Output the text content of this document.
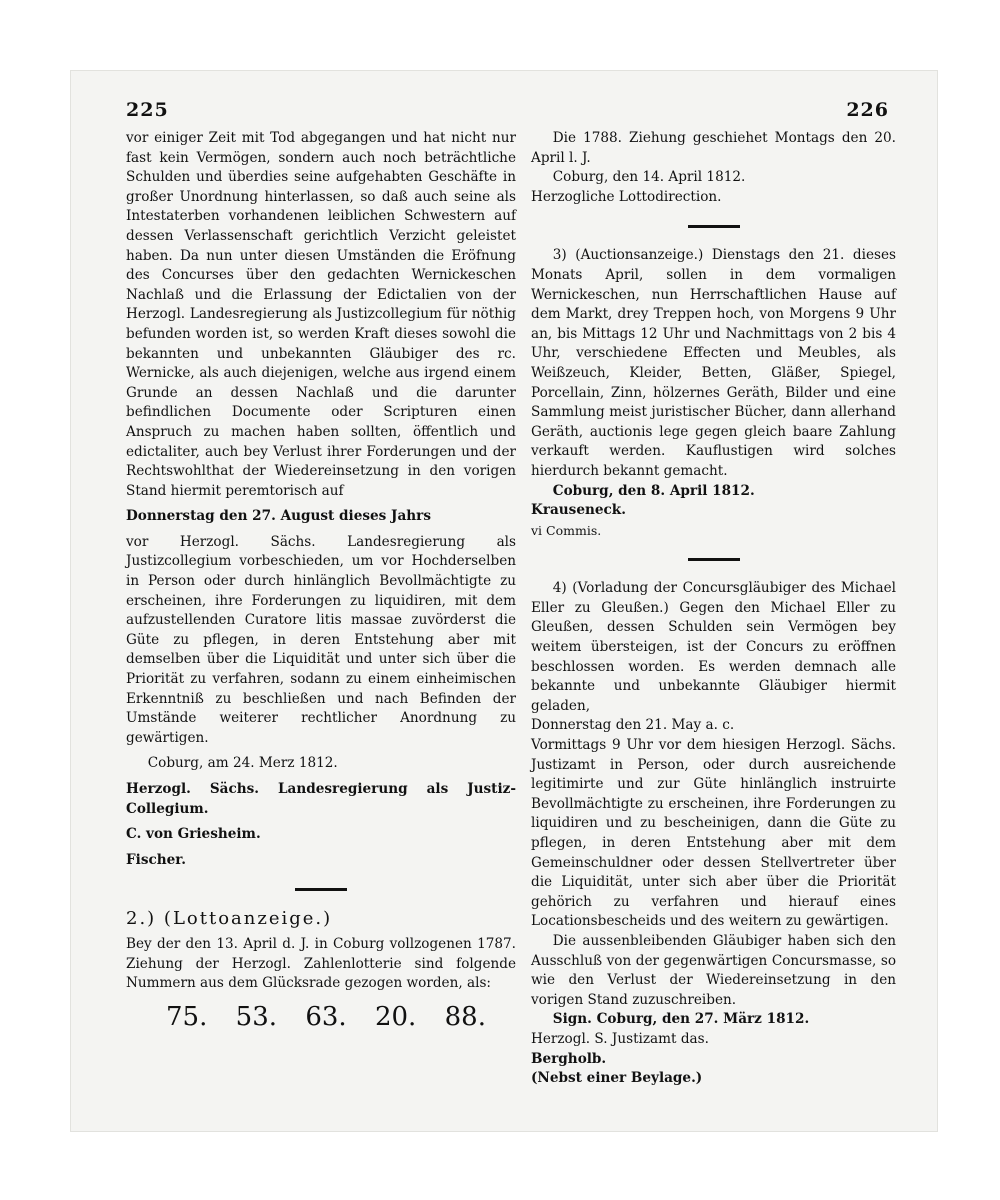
225	226

vor einiger Zeit mit Tod abgegangen und hat nicht nur fast kein Vermögen, sondern auch noch beträchtliche Schulden und überdies seine aufgehabten Geschäfte in großer Unordnung hinterlassen, so daß auch seine als Intestaterben vorhandenen leiblichen Schwestern auf dessen Verlassenschaft gerichtlich Verzicht geleistet haben. Da nun unter diesen Umständen die Eröfnung des Concurses über den gedachten Wernickeschen Nachlaß und die Erlassung der Edictalien von der Herzogl. Landesregierung als Justizcollegium für nöthig befunden worden ist, so werden Kraft dieses sowohl die bekannten und unbekannten Gläubiger des rc. Wernicke, als auch diejenigen, welche aus irgend einem Grunde an dessen Nachlaß und die darunter befindlichen Documente oder Scripturen einen Anspruch zu machen haben sollten, öffentlich und edictaliter, auch bey Verlust ihrer Forderungen und der Rechtswohlthat der Wiedereinsetzung in den vorigen Stand hiermit peremtorisch auf

Donnerstag den 27. August dieses Jahrs

vor Herzogl. Sächs. Landesregierung als Justizcollegium vorbeschieden, um vor Hochderselben in Person oder durch hinlänglich Bevollmächtigte zu erscheinen, ihre Forderungen zu liquidiren, mit dem aufzustellenden Curatore litis massae zuvörderst die Güte zu pflegen, in deren Entstehung aber mit demselben über die Liquidität und unter sich über die Priorität zu verfahren, sodann zu einem einheimischen Erkenntniß zu beschließen und nach Befinden der Umstände weiterer rechtlicher Anordnung zu gewärtigen.

Coburg, am 24. Merz 1812.

Herzogl. Sächs. Landesregierung als Justiz-Collegium.

C. von Griesheim.

Fischer.

2.) (Lottoanzeige.)

Bey der den 13. April d. J. in Coburg vollzogenen 1787. Ziehung der Herzogl. Zahlenlotterie sind folgende Nummern aus dem Glücksrade gezogen worden, als:

75. 53. 63. 20. 88.

Die 1788. Ziehung geschiehet Montags den 20. April l. J.

Coburg, den 14. April 1812.

Herzogliche Lottodirection.

3) (Auctionsanzeige.) Dienstags den 21. dieses Monats April, sollen in dem vormaligen Wernickeschen, nun Herrschaftlichen Hause auf dem Markt, drey Treppen hoch, von Morgens 9 Uhr an, bis Mittags 12 Uhr und Nachmittags von 2 bis 4 Uhr, verschiedene Effecten und Meubles, als Weißzeuch, Kleider, Betten, Gläßer, Spiegel, Porcellain, Zinn, hölzernes Geräth, Bilder und eine Sammlung meist juristischer Bücher, dann allerhand Geräth, auctionis lege gegen gleich baare Zahlung verkauft werden. Kauflustigen wird solches hierdurch bekannt gemacht.

Coburg, den 8. April 1812.

Krauseneck.

vi Commis.

4) (Vorladung der Concursgläubiger des Michael Eller zu Gleußen.) Gegen den Michael Eller zu Gleußen, dessen Schulden sein Vermögen bey weitem übersteigen, ist der Concurs zu eröffnen beschlossen worden. Es werden demnach alle bekannte und unbekannte Gläubiger hiermit geladen,

Donnerstag den 21. May a. c.

Vormittags 9 Uhr vor dem hiesigen Herzogl. Sächs. Justizamt in Person, oder durch ausreichende legitimirte und zur Güte hinlänglich instruirte Bevollmächtigte zu erscheinen, ihre Forderungen zu liquidiren und zu bescheinigen, dann die Güte zu pflegen, in deren Entstehung aber mit dem Gemeinschuldner oder dessen Stellvertreter über die Liquidität, unter sich aber über die Priorität gehörich zu verfahren und hierauf eines Locationsbescheids und des weitern zu gewärtigen.

Die aussenbleibenden Gläubiger haben sich den Ausschluß von der gegenwärtigen Concursmasse, so wie den Verlust der Wiedereinsetzung in den vorigen Stand zuzuschreiben.

Sign. Coburg, den 27. März 1812.

Herzogl. S. Justizamt das.

Bergholb.

(Nebst einer Beylage.)
